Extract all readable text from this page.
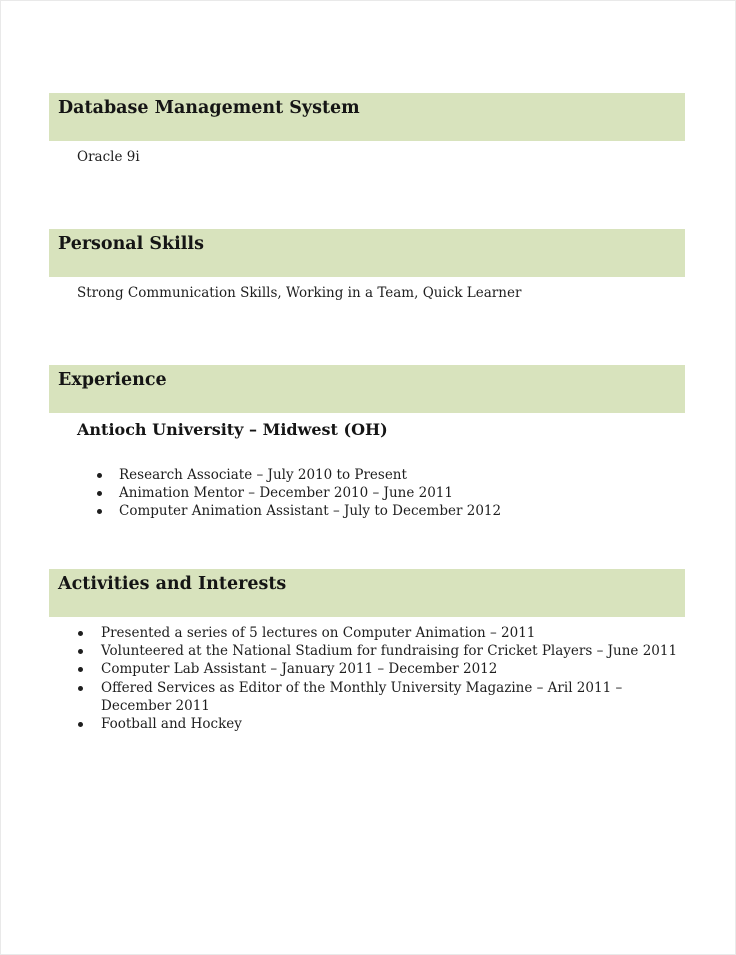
Database Management System
Oracle 9i
Personal Skills
Strong Communication Skills, Working in a Team, Quick Learner
Experience
Antioch University – Midwest (OH)
Research Associate – July 2010 to Present
Animation Mentor – December 2010 – June 2011
Computer Animation Assistant – July to December 2012
Activities and Interests
Presented a series of 5 lectures on Computer Animation – 2011
Volunteered at the National Stadium for fundraising for Cricket Players – June 2011
Computer Lab Assistant – January 2011 – December 2012
Offered Services as Editor of the Monthly University Magazine – Aril 2011 – December 2011
Football and Hockey
